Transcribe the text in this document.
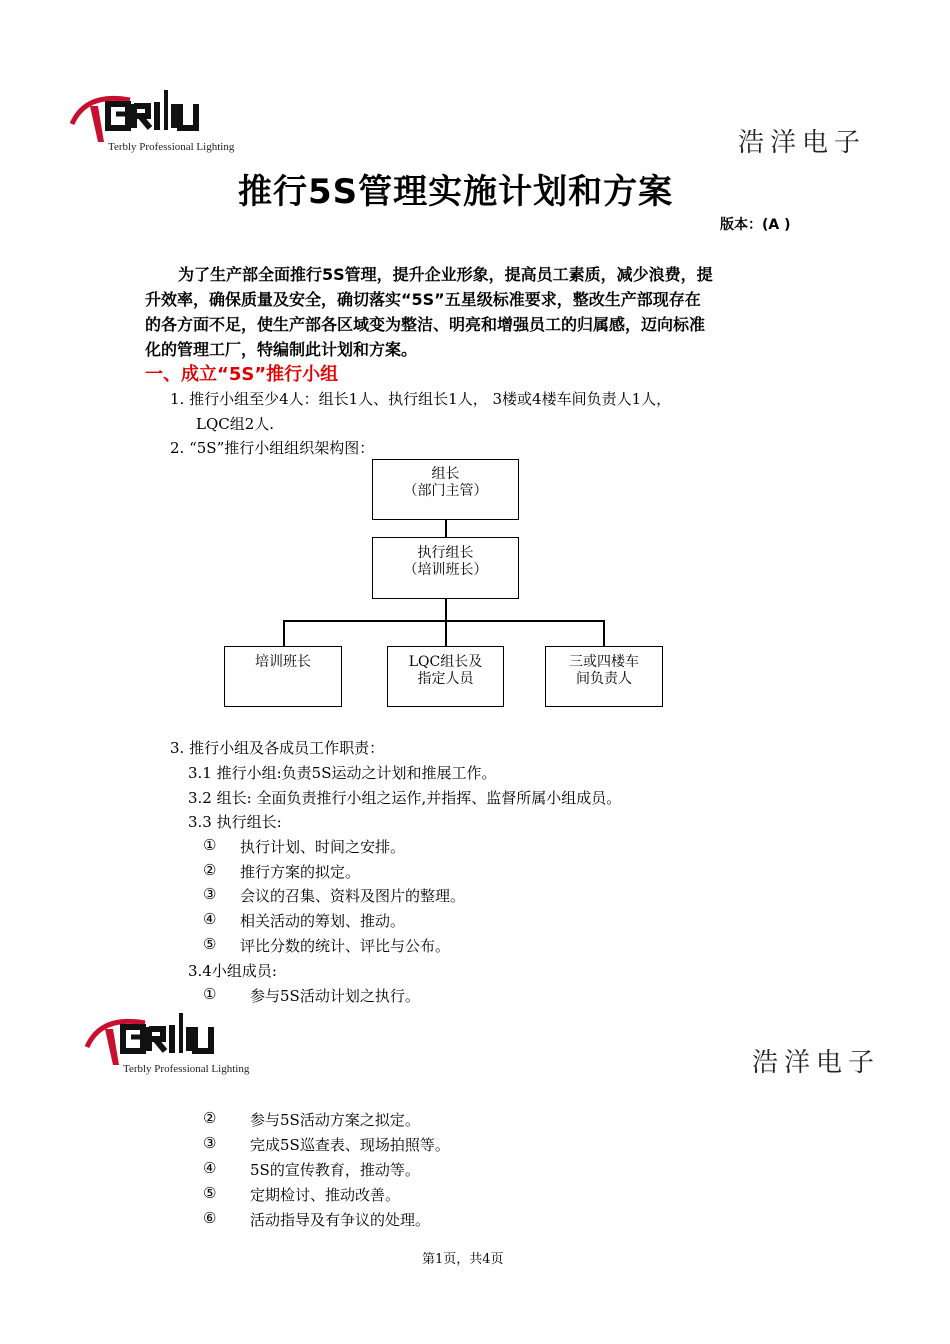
Terbly Professional Lighting	浩洋电子
推行5S管理实施计划和方案
版本：(A )
为了生产部全面推行5S管理，提升企业形象，提高员工素质，减少浪费，提
升效率，确保质量及安全，确切落实“5S”五星级标准要求，整改生产部现存在
的各方面不足，使生产部各区域变为整洁、明亮和增强员工的归属感，迈向标准
化的管理工厂，特编制此计划和方案。
一、成立“5S”推行小组
1. 推行小组至少4人：组长1人、执行组长1人， 3楼或4楼车间负责人1人，
LQC组2人.
2. “5S”推行小组组织架构图：
组长
（部门主管）
执行组长
（培训班长）
培训班长	LQC组长及
指定人员
三或四楼车
间负责人
3. 推行小组及各成员工作职责：
3.1 推行小组:负责5S运动之计划和推展工作。
3.2 组长: 全面负责推行小组之运作,并指挥、监督所属小组成员。
3.3 执行组长:
① 执行计划、时间之安排。
② 推行方案的拟定。
③ 会议的召集、资料及图片的整理。
④ 相关活动的筹划、推动。
⑤ 评比分数的统计、评比与公布。
3.4小组成员:
① 参与5S活动计划之执行。
Terbly Professional Lighting	浩洋电子
② 参与5S活动方案之拟定。
③ 完成5S巡查表、现场拍照等。
④ 5S的宣传教育，推动等。
⑤ 定期检讨、推动改善。
⑥ 活动指导及有争议的处理。
第1页，共4页
